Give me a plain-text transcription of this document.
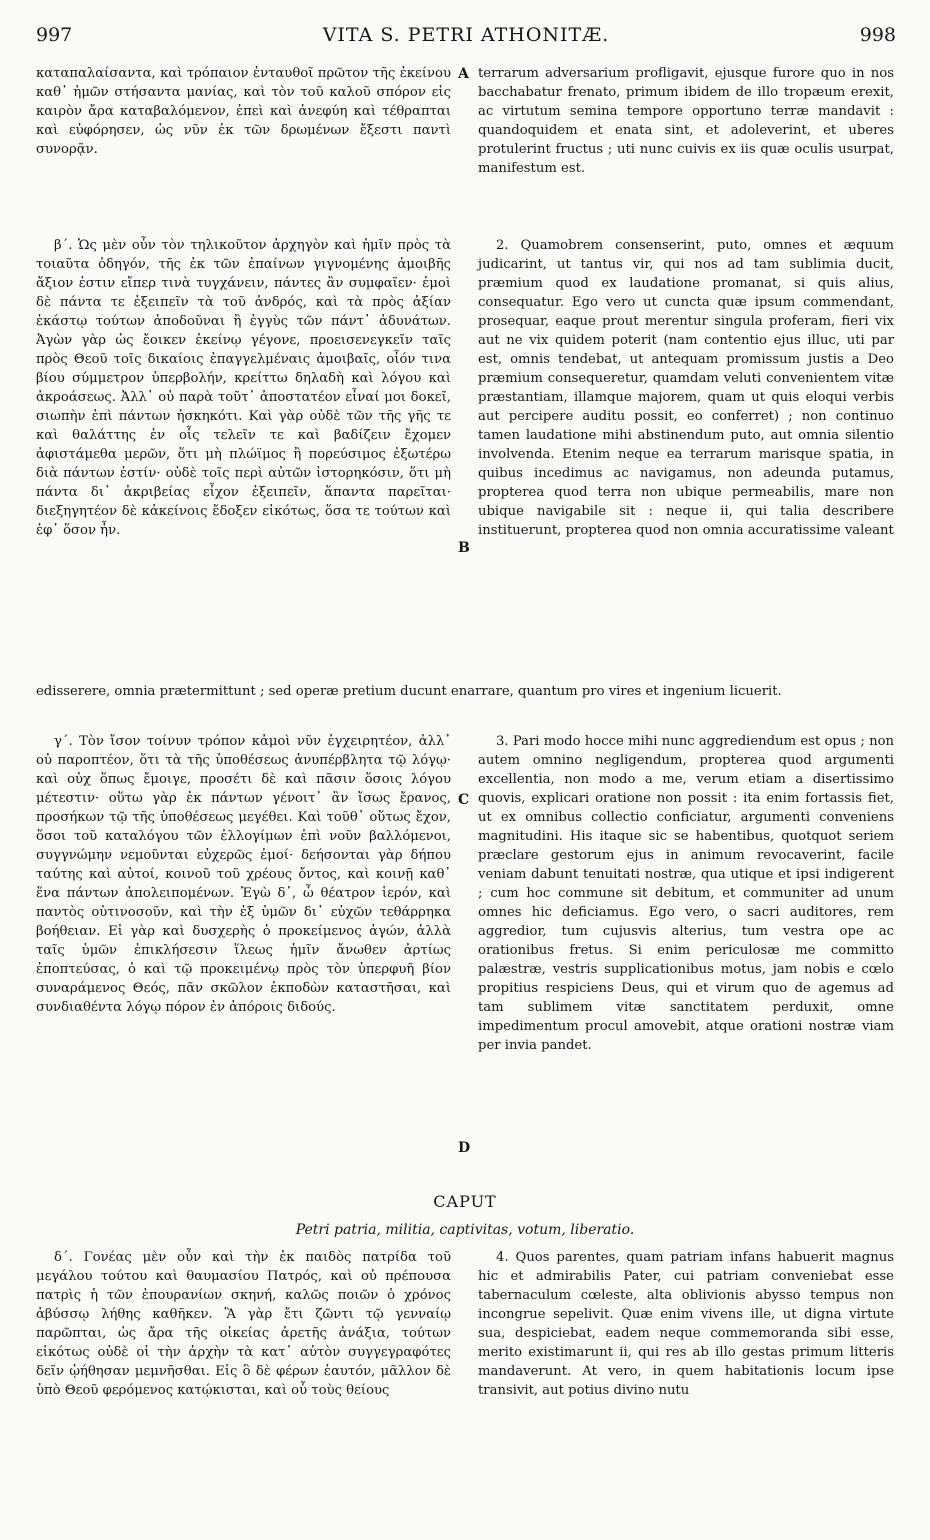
997	VITA S. PETRI ATHONITÆ.	998

καταπαλαίσαντα, καὶ τρόπαιον ἐνταυθοῖ πρῶτον τῆς ἐκείνου καθ᾿ ἡμῶν στήσαντα μανίας, καὶ τὸν τοῦ καλοῦ σπόρον εἰς καιρὸν ἄρα καταβαλόμενον, ἐπεὶ καὶ ἀνεφύη καὶ τέθραπται καὶ εὐφόρησεν, ὡς νῦν ἐκ τῶν δρωμένων ἔξεστι παντὶ συνορᾷν.

terrarum adversarium profligavit, ejusque furore quo in nos bacchabatur frenato, primum ibidem de illo tropæum erexit, ac virtutum semina tempore opportuno terræ mandavit : quandoquidem et enata sint, et adoleverint, et uberes protulerint fructus ; uti nunc cuivis ex iis quæ oculis usurpat, manifestum est.

A

β΄. Ὡς μὲν οὖν τὸν τηλικοῦτον ἀρχηγὸν καὶ ἡμῖν πρὸς τὰ τοιαῦτα ὁδηγόν, τῆς ἐκ τῶν ἐπαίνων γιγνομένης ἀμοιβῆς ἄξιον ἐστιν εἴπερ τινὰ τυγχάνειν, πάντες ἂν συμφαῖεν· ἐμοὶ δὲ πάντα τε ἐξειπεῖν τὰ τοῦ ἀνδρός, καὶ τὰ πρὸς ἀξίαν ἑκάστῳ τούτων ἀποδοῦναι ἢ ἐγγὺς τῶν πάντ᾿ ἀδυνάτων. Ἀγὼν γὰρ ὡς ἔοικεν ἐκείνῳ γέγονε, προεισενεγκεῖν ταῖς πρὸς Θεοῦ τοῖς δικαίοις ἐπαγγελμέναις ἀμοιβαῖς, οἷόν τινα βίου σύμμετρον ὑπερβολήν, κρείττω δηλαδὴ καὶ λόγου καὶ ἀκροάσεως. Ἀλλ᾿ οὐ παρὰ τοῦτ᾿ ἀποστατέον εἶναί μοι δοκεῖ, σιωπὴν ἐπὶ πάντων ἠσκηκότι. Καὶ γὰρ οὐδὲ τῶν τῆς γῆς τε καὶ θαλάττης ἐν οἷς τελεῖν τε καὶ βαδίζειν ἔχομεν ἀφιστάμεθα μερῶν, ὅτι μὴ πλώϊμος ἢ πορεύσιμος ἐξωτέρω διὰ πάντων ἐστίν· οὐδὲ τοῖς περὶ αὐτῶν ἱστορηκόσιν, ὅτι μὴ πάντα δι᾿ ἀκριβείας εἶχον ἐξειπεῖν, ἅπαντα παρεῖται· διεξηγητέον δὲ κἀκείνοις ἔδοξεν εἰκότως, ὅσα τε τούτων καὶ ἐφ᾿ ὅσον ἦν.

2. Quamobrem consenserint, puto, omnes et æquum judicarint, ut tantus vir, qui nos ad tam sublimia ducit, præmium quod ex laudatione promanat, si quis alius, consequatur. Ego vero ut cuncta quæ ipsum commendant, prosequar, eaque prout merentur singula proferam, fieri vix aut ne vix quidem poterit (nam contentio ejus illuc, uti par est, omnis tendebat, ut antequam promissum justis a Deo præmium consequeretur, quamdam veluti convenientem vitæ præstantiam, illamque majorem, quam ut quis eloqui verbis aut percipere auditu possit, eo conferret) ; non continuo tamen laudatione mihi abstinendum puto, aut omnia silentio involvenda. Etenim neque ea terrarum marisque spatia, in quibus incedimus ac navigamus, non adeunda putamus, propterea quod terra non ubique permeabilis, mare non ubique navigabile sit : neque ii, qui talia describere instituerunt, propterea quod non omnia accuratissime valeant

B
edisserere, omnia prætermittunt ; sed operæ pretium ducunt enarrare, quantum pro vires et ingenium licuerit.

γ΄. Τὸν ἴσον τοίνυν τρόπον κἀμοὶ νῦν ἐγχειρητέον, ἀλλ᾿ οὐ παροπτέον, ὅτι τὰ τῆς ὑποθέσεως ἀνυπέρβλητα τῷ λόγῳ· καὶ οὐχ ὅπως ἔμοιγε, προσέτι δὲ καὶ πᾶσιν ὅσοις λόγου μέτεστιν· οὕτω γὰρ ἐκ πάντων γένοιτ᾿ ἂν ἴσως ἔρανος, προσήκων τῷ τῆς ὑποθέσεως μεγέθει. Καὶ τοῦθ᾿ οὕτως ἔχον, ὅσοι τοῦ καταλόγου τῶν ἐλλογίμων ἐπὶ νοῦν βαλλόμενοι, συγγνώμην νεμοῦνται εὐχερῶς ἐμοί· δεήσονται γὰρ δήπου ταύτης καὶ αὐτοί, κοινοῦ τοῦ χρέους ὄντος, καὶ κοινῇ καθ᾿ ἕνα πάντων ἀπολειπομένων. Ἐγὼ δ᾿, ὦ θέατρον ἱερόν, καὶ παντὸς οὑτινοσοῦν, καὶ τὴν ἐξ ὑμῶν δι᾿ εὐχῶν τεθάρρηκα βοήθειαν. Εἰ γὰρ καὶ δυσχερὴς ὁ προκείμενος ἀγών, ἀλλὰ ταῖς ὑμῶν ἐπικλήσεσιν ἵλεως ἡμῖν ἄνωθεν ἀρτίως ἐποπτεύσας, ὁ καὶ τῷ προκειμένῳ πρὸς τὸν ὑπερφυῆ βίον συναράμενος Θεός, πᾶν σκῶλον ἐκποδὼν καταστῆσαι, καὶ συνδιαθέντα λόγῳ πόρον ἐν ἀπόροις διδούς.

3. Pari modo hocce mihi nunc aggrediendum est opus ; non autem omnino negligendum, propterea quod argumenti excellentia, non modo a me, verum etiam a disertissimo quovis, explicari oratione non possit : ita enim fortassis fiet, ut ex omnibus collectio conficiatur, argumenti conveniens magnitudini. His itaque sic se habentibus, quotquot seriem præclare gestorum ejus in animum revocaverint, facile veniam dabunt tenuitati nostræ, qua utique et ipsi indigerent ; cum hoc commune sit debitum, et communiter ad unum omnes hic deficiamus. Ego vero, o sacri auditores, rem aggredior, tum cujusvis alterius, tum vestra ope ac orationibus fretus. Si enim periculosæ me committo palæstræ, vestris supplicationibus motus, jam nobis e cœlo propitius respiciens Deus, qui et virum quo de agemus ad tam sublimem vitæ sanctitatem perduxit, omne impedimentum procul amovebit, atque orationi nostræ viam per invia pandet.

C
D
CAPUT
Petri patria, militia, captivitas, votum, liberatio.

δ΄. Γονέας μὲν οὖν καὶ τὴν ἐκ παιδὸς πατρίδα τοῦ μεγάλου τούτου καὶ θαυμασίου Πατρός, καὶ οὐ πρέπουσα πατρὶς ἡ τῶν ἐπουρανίων σκηνή, καλῶς ποιῶν ὁ χρόνος ἀβύσσῳ λήθης καθῆκεν. Ἃ γὰρ ἔτι ζῶντι τῷ γενναίῳ παρῶπται, ὡς ἄρα τῆς οἰκείας ἀρετῆς ἀνάξια, τούτων εἰκότως οὐδὲ οἱ τὴν ἀρχὴν τὰ κατ᾿ αὐτὸν συγγεγραφότες δεῖν ᾠήθησαν μεμνῆσθαι. Εἰς ὃ δὲ φέρων ἑαυτόν, μᾶλλον δὲ ὑπὸ Θεοῦ φερόμενος κατῴκισται, καὶ οὗ τοὺς θείους

4. Quos parentes, quam patriam infans habuerit magnus hic et admirabilis Pater, cui patriam conveniebat esse tabernaculum cœleste, alta oblivionis abysso tempus non incongrue sepelivit. Quæ enim vivens ille, ut digna virtute sua, despiciebat, eadem neque commemoranda sibi esse, merito existimarunt ii, qui res ab illo gestas primum litteris mandaverunt. At vero, in quem habitationis locum ipse transivit, aut potius divino nutu
